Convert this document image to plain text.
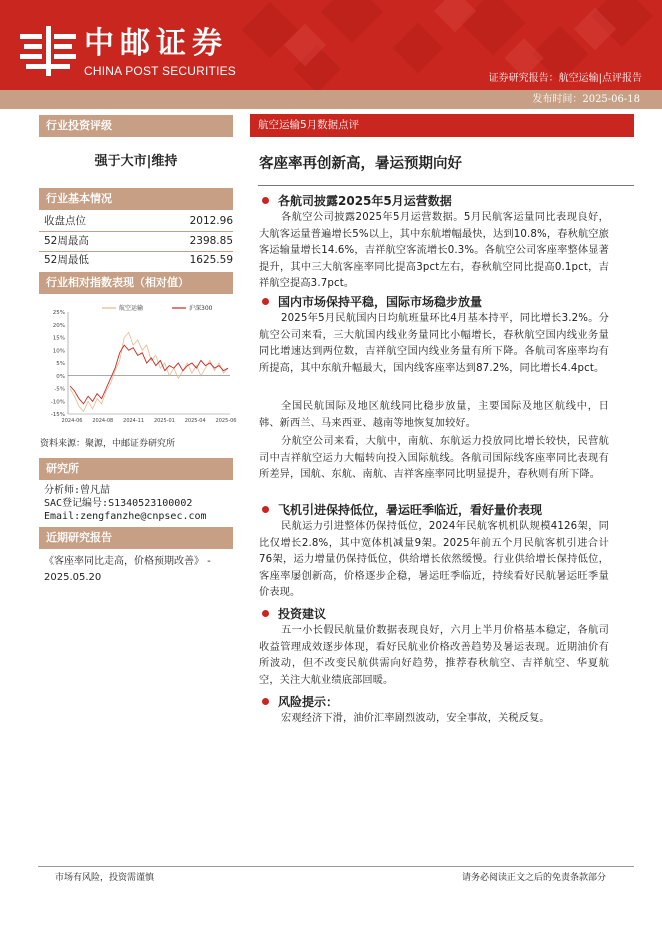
中邮证券
CHINA POST SECURITIES
证券研究报告：航空运输|点评报告
发布时间：2025-06-18
行业投资评级
强于大市|维持
行业基本情况
收盘点位	2012.96
52周最高	2398.85
52周最低	1625.59
行业相对指数表现（相对值）
25%
20%
15%
10%
5%
0%
-5%
-10%
-15%
2024-06 2024-08 2024-11 2025-01 2025-04 2025-06
航空运输	沪深300
资料来源：聚源，中邮证券研究所
研究所
分析师:曾凡喆
SAC登记编号:S1340523100002
Email:zengfanzhe@cnpsec.com
近期研究报告
《客座率同比走高，价格预期改善》 - 2025.05.20
航空运输5月数据点评
客座率再创新高，暑运预期向好
各航司披露2025年5月运营数据
各航空公司披露2025年5月运营数据。5月民航客运量同比表现良好，大航客运量普遍增长5%以上，其中东航增幅最快，达到10.8%，春秋航空旅客运输量增长14.6%，吉祥航空客流增长0.3%。各航空公司客座率整体显著提升，其中三大航客座率同比提高3pct左右，春秋航空同比提高0.1pct，吉祥航空提高3.7pct。
国内市场保持平稳，国际市场稳步放量
2025年5月民航国内日均航班量环比4月基本持平，同比增长3.2%。分航空公司来看，三大航国内线业务量同比小幅增长，春秋航空国内线业务量同比增速达到两位数，吉祥航空国内线业务量有所下降。各航司客座率均有所提高，其中东航升幅最大，国内线客座率达到87.2%，同比增长4.4pct。
全国民航国际及地区航线同比稳步放量，主要国际及地区航线中，日韩、新西兰、马来西亚、越南等地恢复加较好。
分航空公司来看，大航中，南航、东航运力投放同比增长较快，民营航司中吉祥航空运力大幅转向投入国际航线。各航司国际线客座率同比表现有所差异，国航、东航、南航、吉祥客座率同比明显提升，春秋则有所下降。
飞机引进保持低位，暑运旺季临近，看好量价表现
民航运力引进整体仍保持低位，2024年民航客机机队规模4126架，同比仅增长2.8%，其中宽体机减量9架。2025年前五个月民航客机引进合计76架，运力增量仍保持低位，供给增长依然缓慢。行业供给增长保持低位，客座率屡创新高，价格逐步企稳，暑运旺季临近，持续看好民航暑运旺季量价表现。
投资建议
五一小长假民航量价数据表现良好，六月上半月价格基本稳定，各航司收益管理成效逐步体现，看好民航业价格改善趋势及暑运表现。近期油价有所波动，但不改变民航供需向好趋势，推荐春秋航空、吉祥航空、华夏航空，关注大航业绩底部回暖。
风险提示：
宏观经济下滑，油价汇率剧烈波动，安全事故，关税反复。
市场有风险，投资需谨慎	请务必阅读正文之后的免责条款部分
